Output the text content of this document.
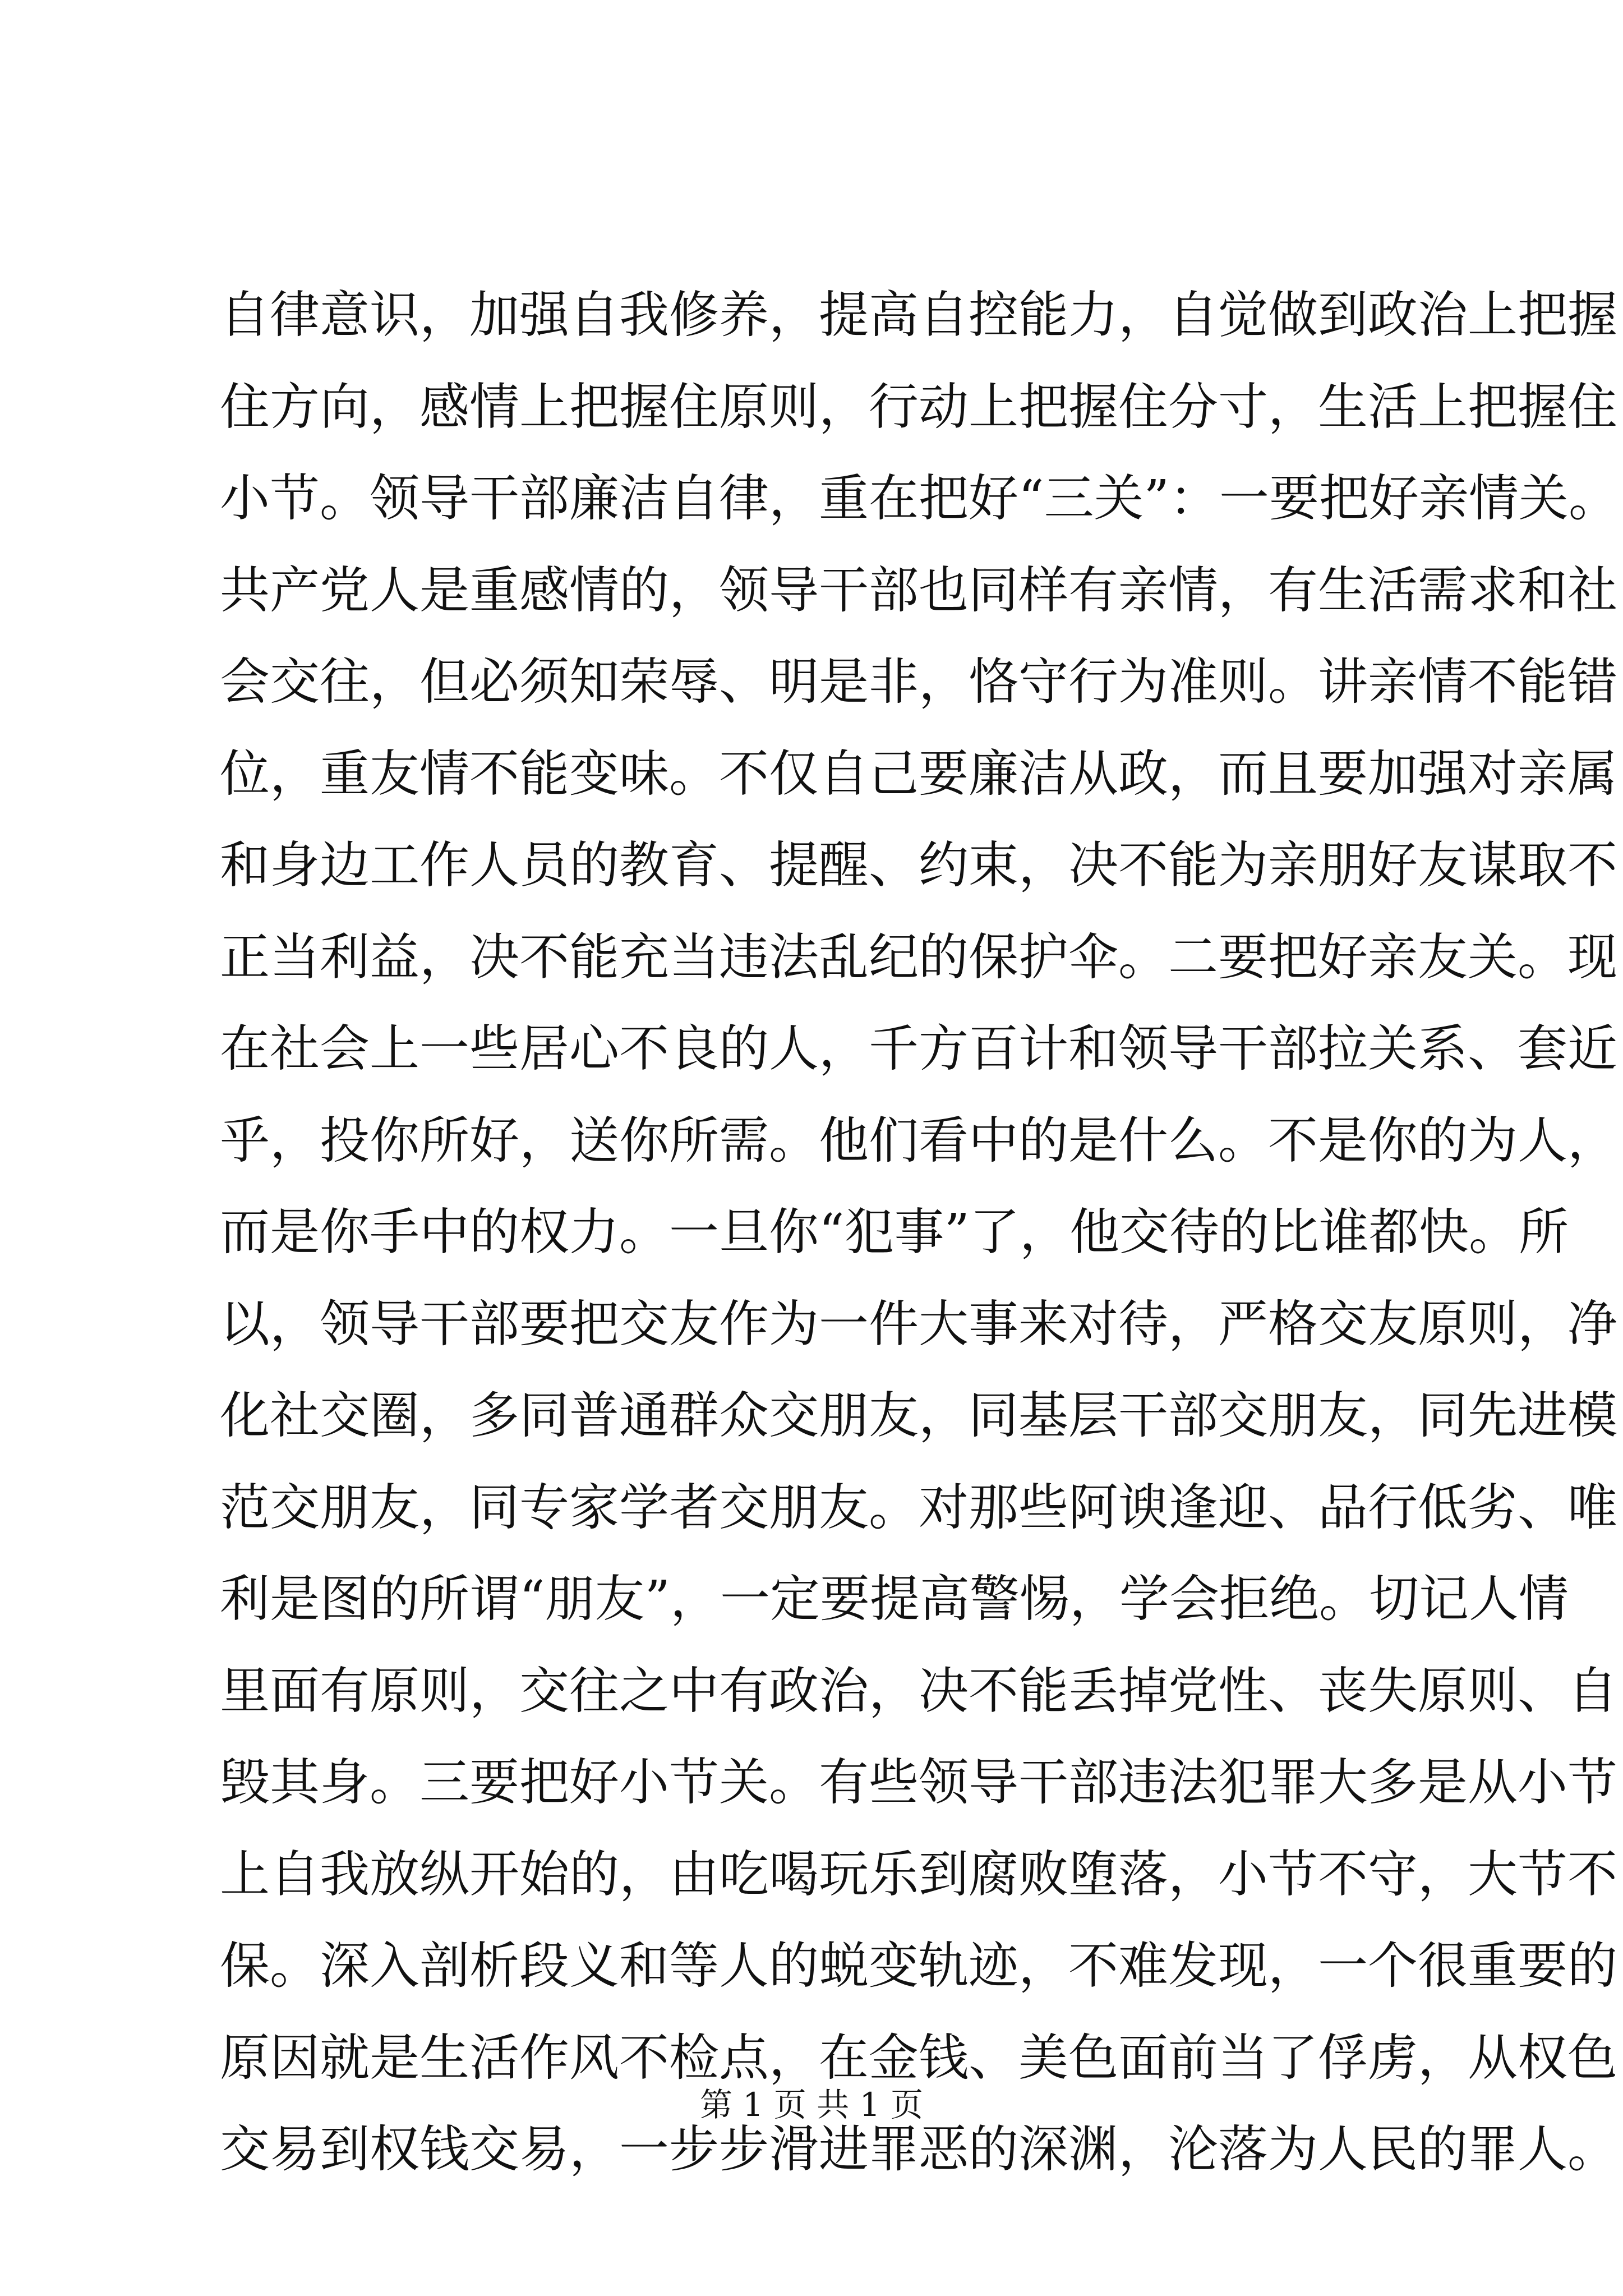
自律意识，加强自我修养，提高自控能力，自觉做到政治上把握
住方向，感情上把握住原则，行动上把握住分寸，生活上把握住
小节。领导干部廉洁自律，重在把好“三关”：一要把好亲情关。
共产党人是重感情的，领导干部也同样有亲情，有生活需求和社
会交往，但必须知荣辱、明是非，恪守行为准则。讲亲情不能错
位，重友情不能变味。不仅自己要廉洁从政，而且要加强对亲属
和身边工作人员的教育、提醒、约束，决不能为亲朋好友谋取不
正当利益，决不能充当违法乱纪的保护伞。二要把好亲友关。现
在社会上一些居心不良的人，千方百计和领导干部拉关系、套近
乎，投你所好，送你所需。他们看中的是什么。不是你的为人，
而是你手中的权力。一旦你“犯事”了，他交待的比谁都快。所
以，领导干部要把交友作为一件大事来对待，严格交友原则，净
化社交圈，多同普通群众交朋友，同基层干部交朋友，同先进模
范交朋友，同专家学者交朋友。对那些阿谀逢迎、品行低劣、唯
利是图的所谓“朋友”，一定要提高警惕，学会拒绝。切记人情
里面有原则，交往之中有政治，决不能丢掉党性、丧失原则、自
毁其身。三要把好小节关。有些领导干部违法犯罪大多是从小节
上自我放纵开始的，由吃喝玩乐到腐败堕落，小节不守，大节不
保。深入剖析段义和等人的蜕变轨迹，不难发现，一个很重要的
原因就是生活作风不检点，在金钱、美色面前当了俘虏，从权色
交易到权钱交易，一步步滑进罪恶的深渊，沦落为人民的罪人。
第 1 页 共 1 页
